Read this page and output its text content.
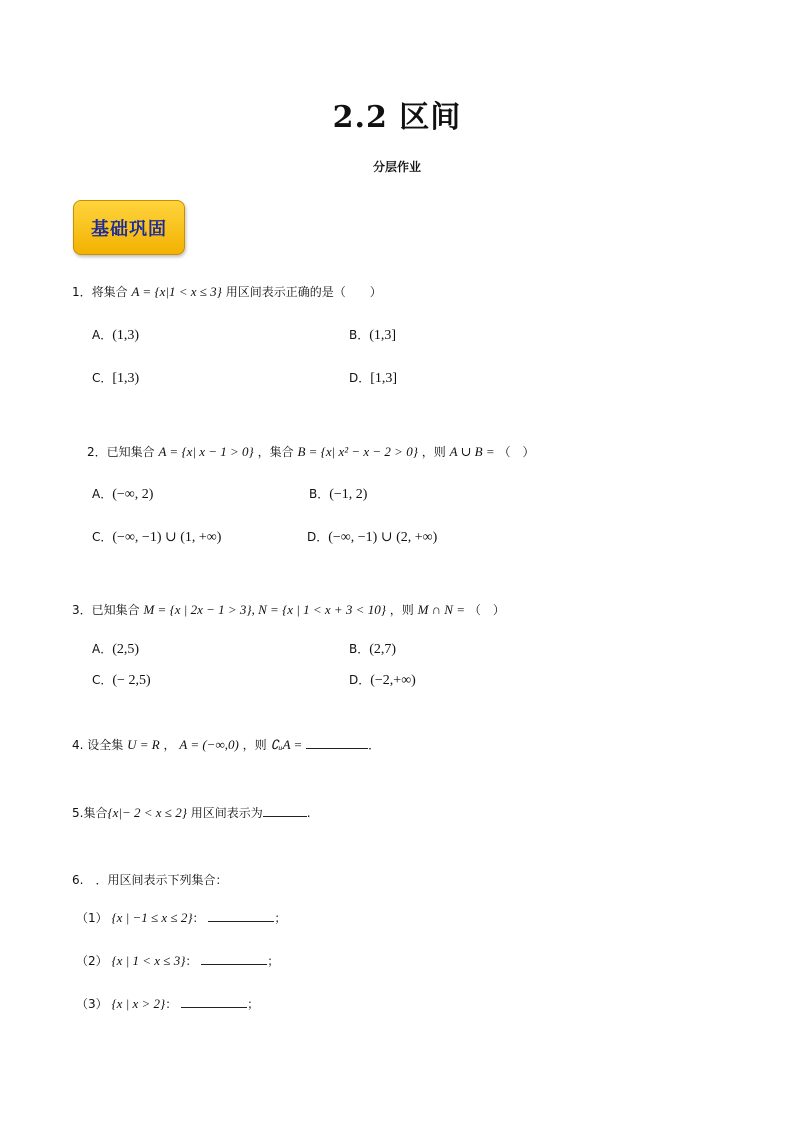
2.2 区间
分层作业
基础巩固
1．将集合 A = {x|1 < x ≤ 3} 用区间表示正确的是（　　）
A．(1,3)	B．(1,3]
C．[1,3)	D．[1,3]
2．已知集合 A = {x| x − 1 > 0} ，集合 B = {x| x² − x − 2 > 0} ，则 A ∪ B = （　）
A．(−∞, 2)	B．(−1, 2)
C．(−∞, −1) ∪ (1, +∞)	D．(−∞, −1) ∪ (2, +∞)
3．已知集合 M = {x | 2x − 1 > 3}, N = {x | 1 < x + 3 < 10} ，则 M ∩ N = （　）
A．(2,5)	B．(2,7)
C．(− 2,5)	D．(−2,+∞)
4. 设全集 U = R ， A = (−∞,0) ，则 ∁ᵤA =	．
5.集合{x|− 2 < x ≤ 2} 用区间表示为	.
6.　．用区间表示下列集合：
（1） {x | −1 ≤ x ≤ 2}：	；
（2） {x | 1 < x ≤ 3}：	；
（3） {x | x > 2}：	；
